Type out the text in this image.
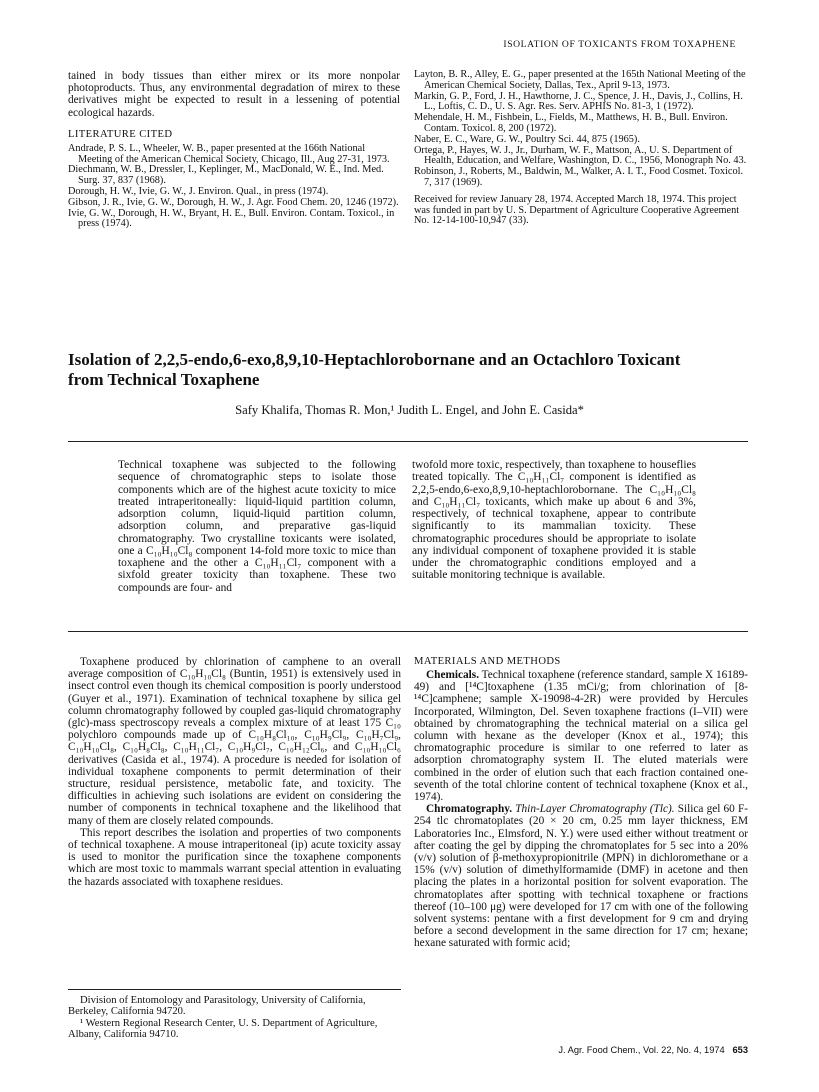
ISOLATION OF TOXICANTS FROM TOXAPHENE

tained in body tissues than either mirex or its more nonpolar photoproducts. Thus, any environmental degradation of mirex to these derivatives might be expected to result in a lessening of potential ecological hazards.

LITERATURE CITED

Andrade, P. S. L., Wheeler, W. B., paper presented at the 166th National Meeting of the American Chemical Society, Chicago, Ill., Aug 27-31, 1973.

Diechmann, W. B., Dressler, I., Keplinger, M., MacDonald, W. E., Ind. Med. Surg. 37, 837 (1968).

Dorough, H. W., Ivie, G. W., J. Environ. Qual., in press (1974).

Gibson, J. R., Ivie, G. W., Dorough, H. W., J. Agr. Food Chem. 20, 1246 (1972).

Ivie, G. W., Dorough, H. W., Bryant, H. E., Bull. Environ. Contam. Toxicol., in press (1974).

Layton, B. R., Alley, E. G., paper presented at the 165th National Meeting of the American Chemical Society, Dallas, Tex., April 9-13, 1973.

Markin, G. P., Ford, J. H., Hawthorne, J. C., Spence, J. H., Davis, J., Collins, H. L., Loftis, C. D., U. S. Agr. Res. Serv. APHIS No. 81-3, 1 (1972).

Mehendale, H. M., Fishbein, L., Fields, M., Matthews, H. B., Bull. Environ. Contam. Toxicol. 8, 200 (1972).

Naber, E. C., Ware, G. W., Poultry Sci. 44, 875 (1965).

Ortega, P., Hayes, W. J., Jr., Durham, W. F., Mattson, A., U. S. Department of Health, Education, and Welfare, Washington, D. C., 1956, Monograph No. 43.

Robinson, J., Roberts, M., Baldwin, M., Walker, A. I. T., Food Cosmet. Toxicol. 7, 317 (1969).

Received for review January 28, 1974. Accepted March 18, 1974. This project was funded in part by U. S. Department of Agriculture Cooperative Agreement No. 12-14-100-10,947 (33).

Isolation of 2,2,5-endo,6-exo,8,9,10-Heptachlorobornane and an Octachloro Toxicant
from Technical Toxaphene
Safy Khalifa, Thomas R. Mon,¹ Judith L. Engel, and John E. Casida*
Technical toxaphene was subjected to the following sequence of chromatographic steps to isolate those components which are of the highest acute toxicity to mice treated intraperitoneally: liquid-liquid partition column, adsorption column, liquid-liquid partition column, adsorption column, and preparative gas-liquid chromatography. Two crystalline toxicants were isolated, one a C₁₀H₁₀Cl₈ component 14-fold more toxic to mice than toxaphene and the other a C₁₀H₁₁Cl₇ component with a sixfold greater toxicity than toxaphene. These two compounds are four- and
twofold more toxic, respectively, than toxaphene to houseflies treated topically. The C₁₀H₁₁Cl₇ component is identified as 2,2,5-endo,6-exo,8,9,10-heptachlorobornane. The C₁₀H₁₀Cl₈ and C₁₀H₁₁Cl₇ toxicants, which make up about 6 and 3%, respectively, of technical toxaphene, appear to contribute significantly to its mammalian toxicity. These chromatographic procedures should be appropriate to isolate any individual component of toxaphene provided it is stable under the chromatographic conditions employed and a suitable monitoring technique is available.

Toxaphene produced by chlorination of camphene to an overall average composition of C₁₀H₁₀Cl₈ (Buntin, 1951) is extensively used in insect control even though its chemical composition is poorly understood (Guyer et al., 1971). Examination of technical toxaphene by silica gel column chromatography followed by coupled gas-liquid chromatography (glc)-mass spectroscopy reveals a complex mixture of at least 175 C₁₀ polychloro compounds made up of C₁₀H₈Cl₁₀, C₁₀H₉Cl₉, C₁₀H₇Cl₉, C₁₀H₁₀Cl₈, C₁₀H₈Cl₈, C₁₀H₁₁Cl₇, C₁₀H₉Cl₇, C₁₀H₁₂Cl₆, and C₁₀H₁₀Cl₆ derivatives (Casida et al., 1974). A procedure is needed for isolation of individual toxaphene components to permit determination of their structure, residual persistence, metabolic fate, and toxicity. The difficulties in achieving such isolations are evident on considering the number of components in technical toxaphene and the likelihood that many of them are closely related compounds.

This report describes the isolation and properties of two components of technical toxaphene. A mouse intraperitoneal (ip) acute toxicity assay is used to monitor the purification since the toxaphene components which are most toxic to mammals warrant special attention in evaluating the hazards associated with toxaphene residues.

Division of Entomology and Parasitology, University of California, Berkeley, California 94720.

¹ Western Regional Research Center, U. S. Department of Agriculture, Albany, California 94710.

MATERIALS AND METHODS

Chemicals. Technical toxaphene (reference standard, sample X 16189-49) and [¹⁴C]toxaphene (1.35 mCi/g; from chlorination of [8-¹⁴C]camphene; sample X-19098-4-2R) were provided by Hercules Incorporated, Wilmington, Del. Seven toxaphene fractions (I–VII) were obtained by chromatographing the technical material on a silica gel column with hexane as the developer (Knox et al., 1974); this chromatographic procedure is similar to one referred to later as adsorption chromatography system II. The eluted materials were combined in the order of elution such that each fraction contained one-seventh of the total chlorine content of technical toxaphene (Knox et al., 1974).

Chromatography. Thin-Layer Chromatography (Tlc). Silica gel 60 F-254 tlc chromatoplates (20 × 20 cm, 0.25 mm layer thickness, EM Laboratories Inc., Elmsford, N. Y.) were used either without treatment or after coating the gel by dipping the chromatoplates for 5 sec into a 20% (v/v) solution of β-methoxypropionitrile (MPN) in dichloromethane or a 15% (v/v) solution of dimethylformamide (DMF) in acetone and then placing the plates in a horizontal position for solvent evaporation. The chromatoplates after spotting with technical toxaphene or fractions thereof (10–100 μg) were developed for 17 cm with one of the following solvent systems: pentane with a first development for 9 cm and drying before a second development in the same direction for 17 cm; hexane; hexane saturated with formic acid;

J. Agr. Food Chem., Vol. 22, No. 4, 1974 653
